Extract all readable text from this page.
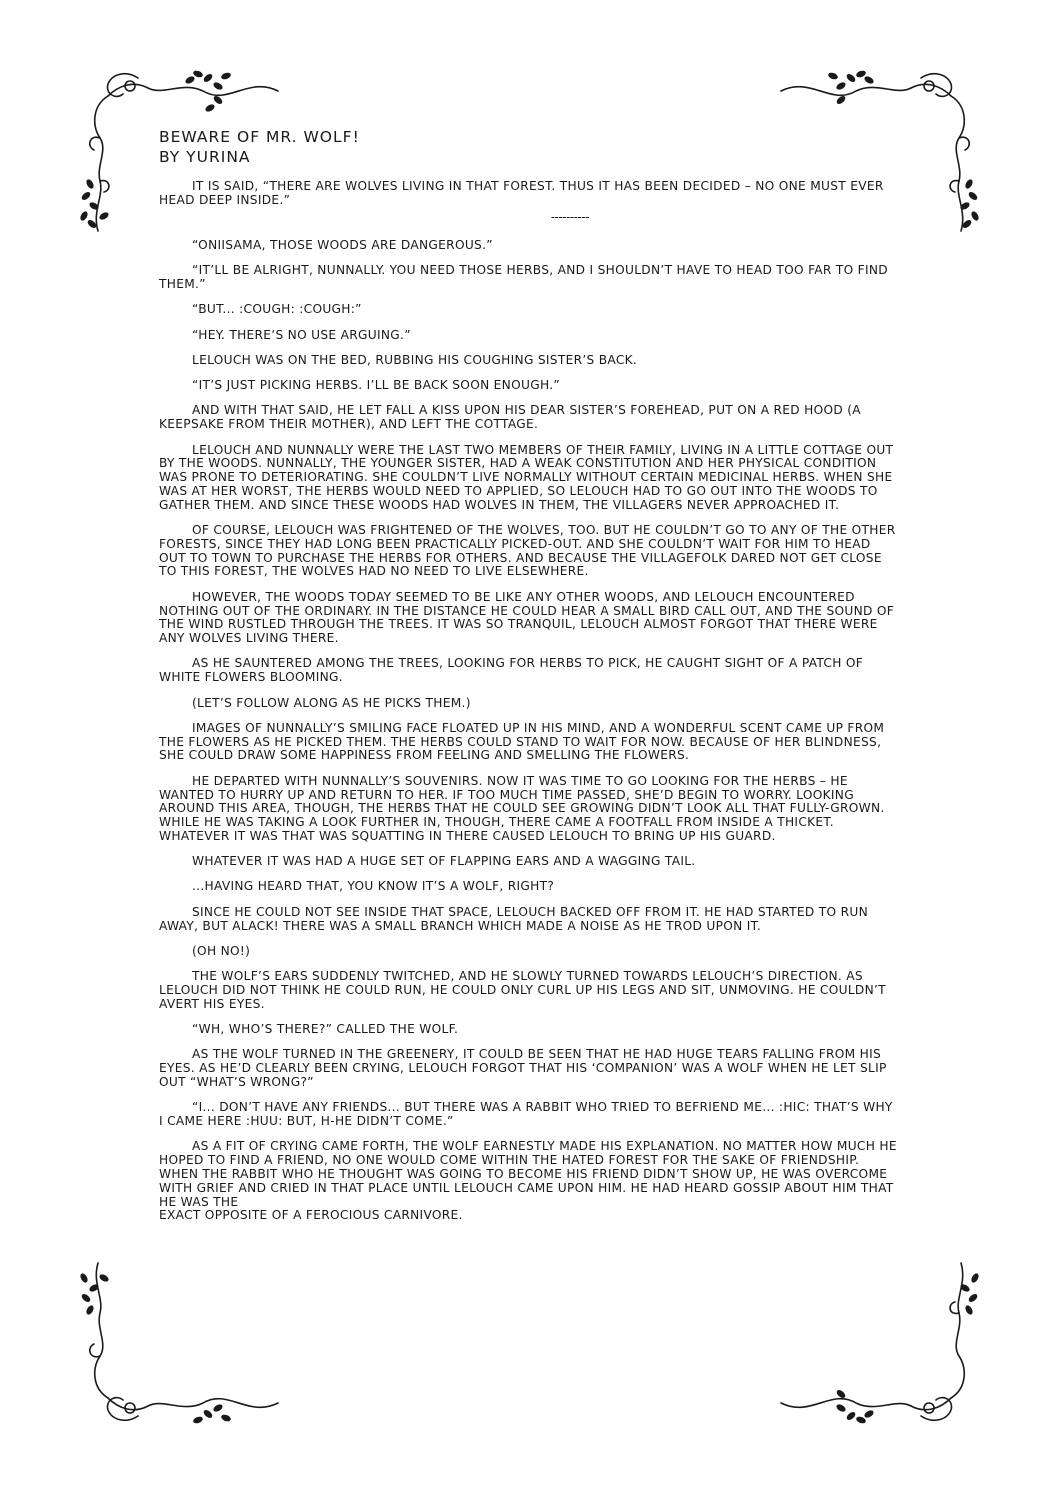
BEWARE OF MR. WOLF!
BY YURINA

IT IS SAID, “THERE ARE WOLVES LIVING IN THAT FOREST. THUS IT HAS BEEN DECIDED – NO ONE MUST EVER HEAD DEEP INSIDE.”

----------

“ONIISAMA, THOSE WOODS ARE DANGEROUS.”

“IT’LL BE ALRIGHT, NUNNALLY. YOU NEED THOSE HERBS, AND I SHOULDN’T HAVE TO HEAD TOO FAR TO FIND THEM.”

“BUT... :COUGH: :COUGH:”

“HEY. THERE’S NO USE ARGUING.”

LELOUCH WAS ON THE BED, RUBBING HIS COUGHING SISTER’S BACK.

“IT’S JUST PICKING HERBS. I’LL BE BACK SOON ENOUGH.”

AND WITH THAT SAID, HE LET FALL A KISS UPON HIS DEAR SISTER’S FOREHEAD, PUT ON A RED HOOD (A KEEPSAKE FROM THEIR MOTHER), AND LEFT THE COTTAGE.

LELOUCH AND NUNNALLY WERE THE LAST TWO MEMBERS OF THEIR FAMILY, LIVING IN A LITTLE COTTAGE OUT BY THE WOODS. NUNNALLY, THE YOUNGER SISTER, HAD A WEAK CONSTITUTION AND HER PHYSICAL CONDITION WAS PRONE TO DETERIORATING. SHE COULDN’T LIVE NORMALLY WITHOUT CERTAIN MEDICINAL HERBS. WHEN SHE WAS AT HER WORST, THE HERBS WOULD NEED TO APPLIED, SO LELOUCH HAD TO GO OUT INTO THE WOODS TO GATHER THEM. AND SINCE THESE WOODS HAD WOLVES IN THEM, THE VILLAGERS NEVER APPROACHED IT.

OF COURSE, LELOUCH WAS FRIGHTENED OF THE WOLVES, TOO. BUT HE COULDN’T GO TO ANY OF THE OTHER FORESTS, SINCE THEY HAD LONG BEEN PRACTICALLY PICKED-OUT. AND SHE COULDN’T WAIT FOR HIM TO HEAD OUT TO TOWN TO PURCHASE THE HERBS FOR OTHERS. AND BECAUSE THE VILLAGEFOLK DARED NOT GET CLOSE TO THIS FOREST, THE WOLVES HAD NO NEED TO LIVE ELSEWHERE.

HOWEVER, THE WOODS TODAY SEEMED TO BE LIKE ANY OTHER WOODS, AND LELOUCH ENCOUNTERED NOTHING OUT OF THE ORDINARY. IN THE DISTANCE HE COULD HEAR A SMALL BIRD CALL OUT, AND THE SOUND OF THE WIND RUSTLED THROUGH THE TREES. IT WAS SO TRANQUIL, LELOUCH ALMOST FORGOT THAT THERE WERE ANY WOLVES LIVING THERE.

AS HE SAUNTERED AMONG THE TREES, LOOKING FOR HERBS TO PICK, HE CAUGHT SIGHT OF A PATCH OF WHITE FLOWERS BLOOMING.

(LET’S FOLLOW ALONG AS HE PICKS THEM.)

IMAGES OF NUNNALLY’S SMILING FACE FLOATED UP IN HIS MIND, AND A WONDERFUL SCENT CAME UP FROM THE FLOWERS AS HE PICKED THEM. THE HERBS COULD STAND TO WAIT FOR NOW. BECAUSE OF HER BLINDNESS, SHE COULD DRAW SOME HAPPINESS FROM FEELING AND SMELLING THE FLOWERS.

HE DEPARTED WITH NUNNALLY’S SOUVENIRS. NOW IT WAS TIME TO GO LOOKING FOR THE HERBS – HE WANTED TO HURRY UP AND RETURN TO HER. IF TOO MUCH TIME PASSED, SHE’D BEGIN TO WORRY. LOOKING AROUND THIS AREA, THOUGH, THE HERBS THAT HE COULD SEE GROWING DIDN’T LOOK ALL THAT FULLY-GROWN. WHILE HE WAS TAKING A LOOK FURTHER IN, THOUGH, THERE CAME A FOOTFALL FROM INSIDE A THICKET. WHATEVER IT WAS THAT WAS SQUATTING IN THERE CAUSED LELOUCH TO BRING UP HIS GUARD.

WHATEVER IT WAS HAD A HUGE SET OF FLAPPING EARS AND A WAGGING TAIL.

...HAVING HEARD THAT, YOU KNOW IT’S A WOLF, RIGHT?

SINCE HE COULD NOT SEE INSIDE THAT SPACE, LELOUCH BACKED OFF FROM IT. HE HAD STARTED TO RUN AWAY, BUT ALACK! THERE WAS A SMALL BRANCH WHICH MADE A NOISE AS HE TROD UPON IT.

(OH NO!)

THE WOLF’S EARS SUDDENLY TWITCHED, AND HE SLOWLY TURNED TOWARDS LELOUCH’S DIRECTION. AS LELOUCH DID NOT THINK HE COULD RUN, HE COULD ONLY CURL UP HIS LEGS AND SIT, UNMOVING. HE COULDN’T AVERT HIS EYES.

“WH, WHO’S THERE?” CALLED THE WOLF.

AS THE WOLF TURNED IN THE GREENERY, IT COULD BE SEEN THAT HE HAD HUGE TEARS FALLING FROM HIS EYES. AS HE’D CLEARLY BEEN CRYING, LELOUCH FORGOT THAT HIS ‘COMPANION’ WAS A WOLF WHEN HE LET SLIP OUT “WHAT’S WRONG?”

“I... DON’T HAVE ANY FRIENDS... BUT THERE WAS A RABBIT WHO TRIED TO BEFRIEND ME... :HIC: THAT’S WHY I CAME HERE :HUU: BUT, H-HE DIDN’T COME.”

AS A FIT OF CRYING CAME FORTH, THE WOLF EARNESTLY MADE HIS EXPLANATION. NO MATTER HOW MUCH HE HOPED TO FIND A FRIEND, NO ONE WOULD COME WITHIN THE HATED FOREST FOR THE SAKE OF FRIENDSHIP. WHEN THE RABBIT WHO HE THOUGHT WAS GOING TO BECOME HIS FRIEND DIDN’T SHOW UP, HE WAS OVERCOME WITH GRIEF AND CRIED IN THAT PLACE UNTIL LELOUCH CAME UPON HIM. HE HAD HEARD GOSSIP ABOUT HIM THAT HE WAS THE

EXACT OPPOSITE OF A FEROCIOUS CARNIVORE.
